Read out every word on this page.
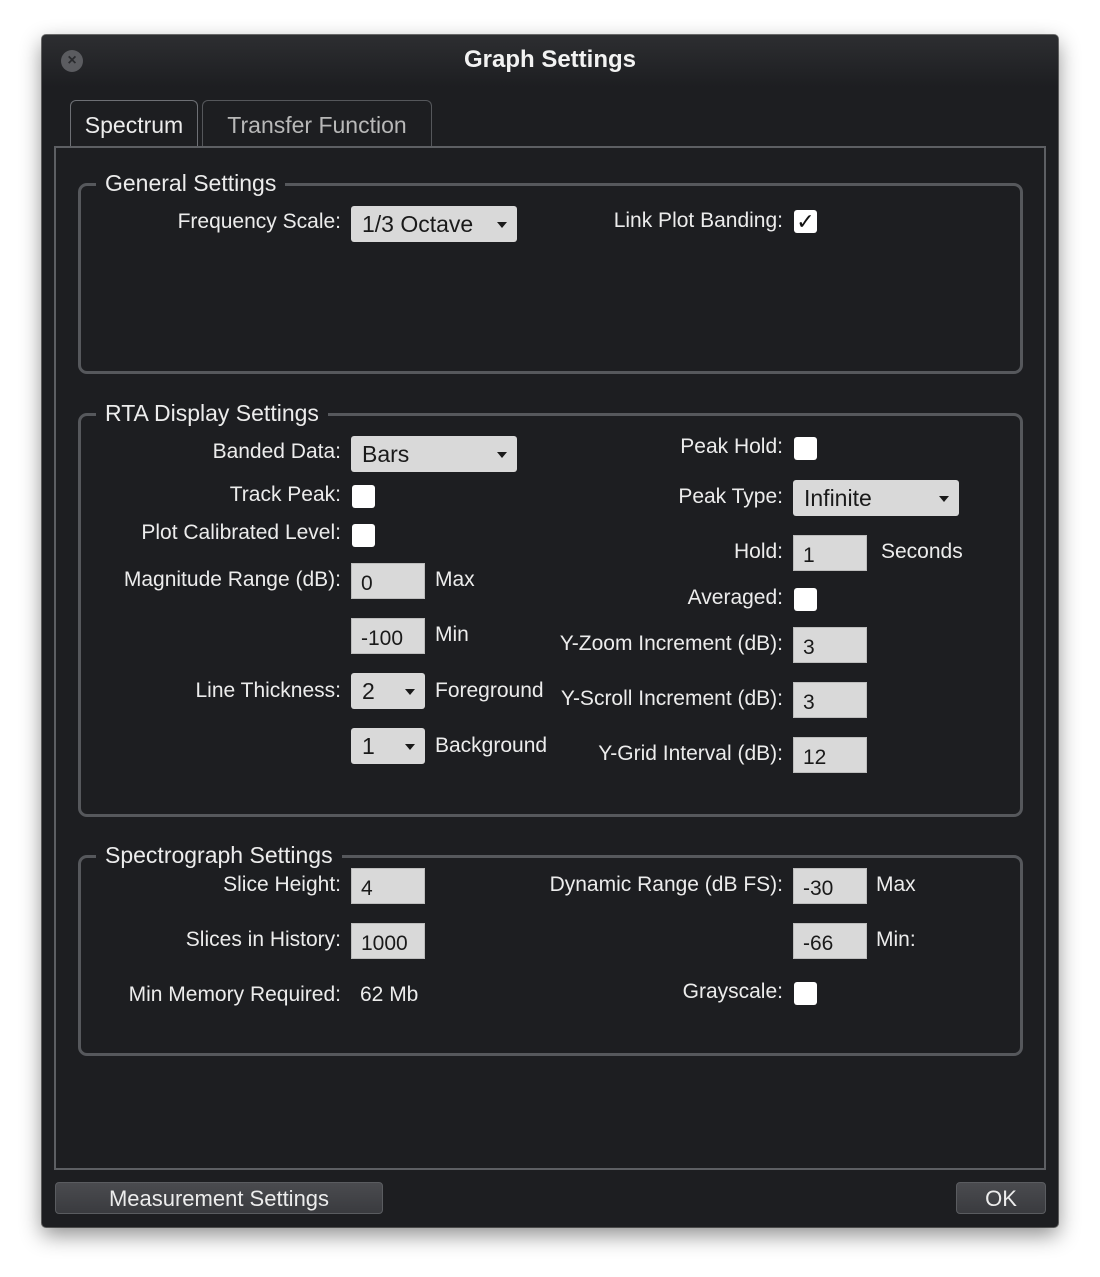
×	Graph Settings
Spectrum	Transfer Function
General Settings
Frequency Scale: 1/3 Octave	Link Plot Banding: ✓
RTA Display Settings
Banded Data: Bars
Track Peak:
Plot Calibrated Level:
Magnitude Range (dB): 0	Max
-100	Min
Line Thickness: 2	Foreground
1	Background
Peak Hold:
Peak Type: Infinite
Hold: 1	Seconds
Averaged:
Y-Zoom Increment (dB): 3
Y-Scroll Increment (dB): 3
Y-Grid Interval (dB): 12
Spectrograph Settings
Slice Height: 4
Slices in History: 1000
Min Memory Required: 62 Mb
Dynamic Range (dB FS): -30	Max
-66	Min:
Grayscale:
Measurement Settings	OK
